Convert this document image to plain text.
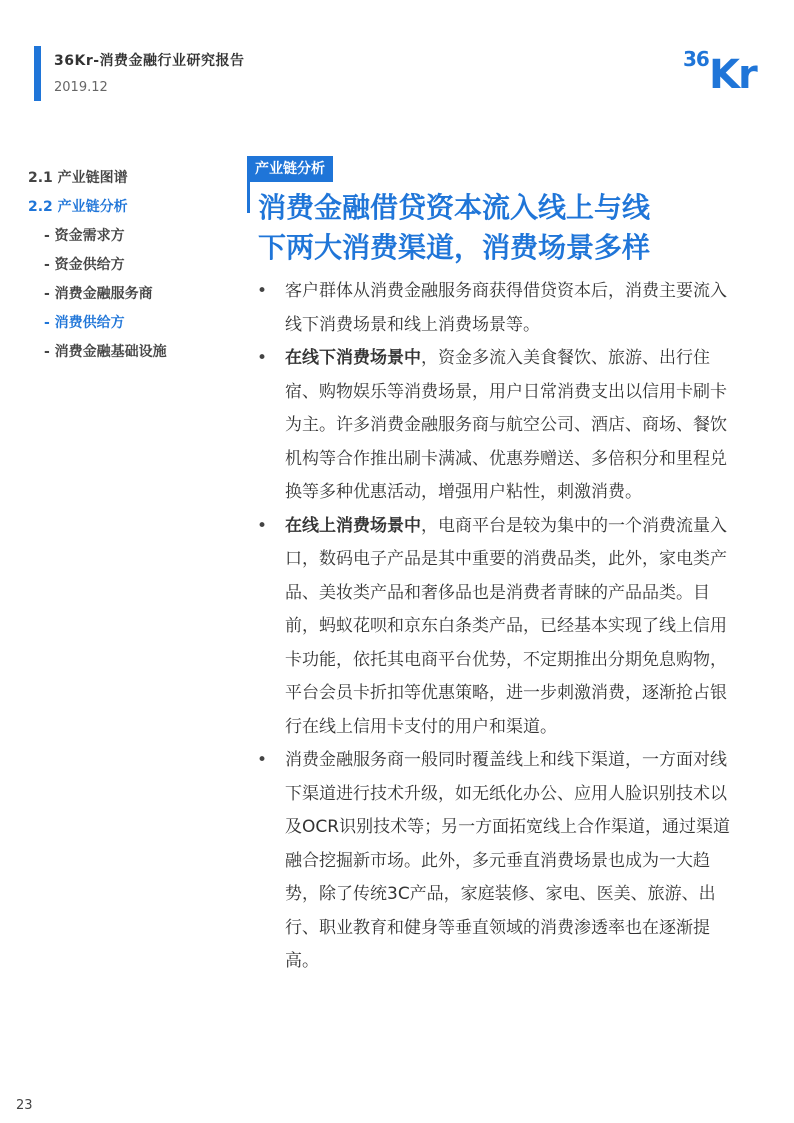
36Kr-消费金融行业研究报告
2019.12
36 Kr
2.1 产业链图谱
2.2 产业链分析
- 资金需求方
- 资金供给方
- 消费金融服务商
- 消费供给方
- 消费金融基础设施
产业链分析
消费金融借贷资本流入线上与线
下两大消费渠道，消费场景多样
• 客户群体从消费金融服务商获得借贷资本后，消费主要流入线下消费场景和线上消费场景等。
• 在线下消费场景中，资金多流入美食餐饮、旅游、出行住宿、购物娱乐等消费场景，用户日常消费支出以信用卡刷卡为主。许多消费金融服务商与航空公司、酒店、商场、餐饮机构等合作推出刷卡满减、优惠券赠送、多倍积分和里程兑换等多种优惠活动，增强用户粘性，刺激消费。
• 在线上消费场景中，电商平台是较为集中的一个消费流量入口，数码电子产品是其中重要的消费品类，此外，家电类产品、美妆类产品和奢侈品也是消费者青睐的产品品类。目前，蚂蚁花呗和京东白条类产品，已经基本实现了线上信用卡功能，依托其电商平台优势，不定期推出分期免息购物，平台会员卡折扣等优惠策略，进一步刺激消费，逐渐抢占银行在线上信用卡支付的用户和渠道。
• 消费金融服务商一般同时覆盖线上和线下渠道，一方面对线下渠道进行技术升级，如无纸化办公、应用人脸识别技术以及OCR识别技术等；另一方面拓宽线上合作渠道，通过渠道融合挖掘新市场。此外，多元垂直消费场景也成为一大趋势，除了传统3C产品，家庭装修、家电、医美、旅游、出行、职业教育和健身等垂直领域的消费渗透率也在逐渐提高。
23
